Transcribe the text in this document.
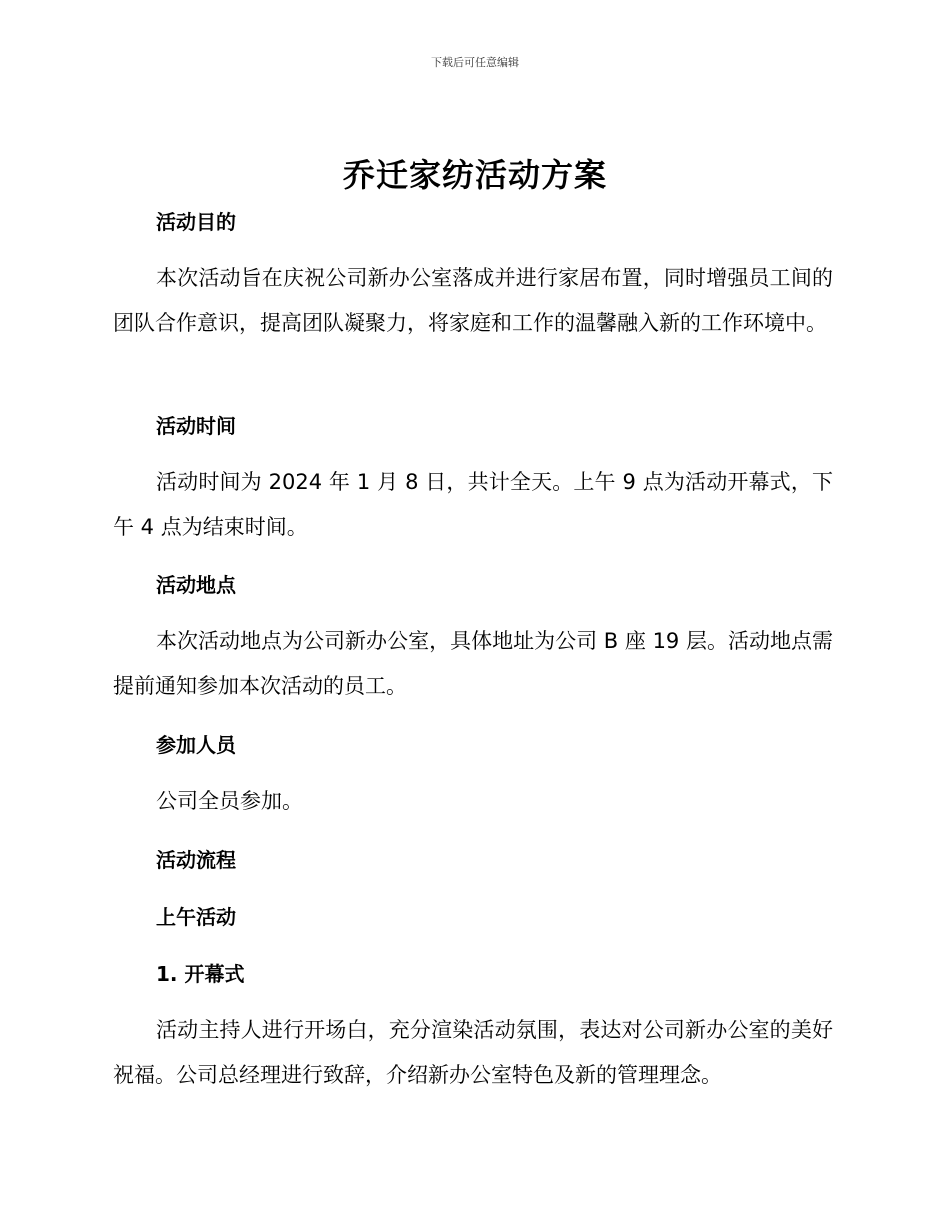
下载后可任意编辑
乔迁家纺活动方案
活动目的
本次活动旨在庆祝公司新办公室落成并进行家居布置，同时增强员工间的团队合作意识，提高团队凝聚力，将家庭和工作的温馨融入新的工作环境中。
活动时间
活动时间为 2024 年 1 月 8 日，共计全天。上午 9 点为活动开幕式，下午 4 点为结束时间。
活动地点
本次活动地点为公司新办公室，具体地址为公司 B 座 19 层。活动地点需提前通知参加本次活动的员工。
参加人员
公司全员参加。
活动流程
上午活动
1. 开幕式
活动主持人进行开场白，充分渲染活动氛围，表达对公司新办公室的美好祝福。公司总经理进行致辞，介绍新办公室特色及新的管理理念。
